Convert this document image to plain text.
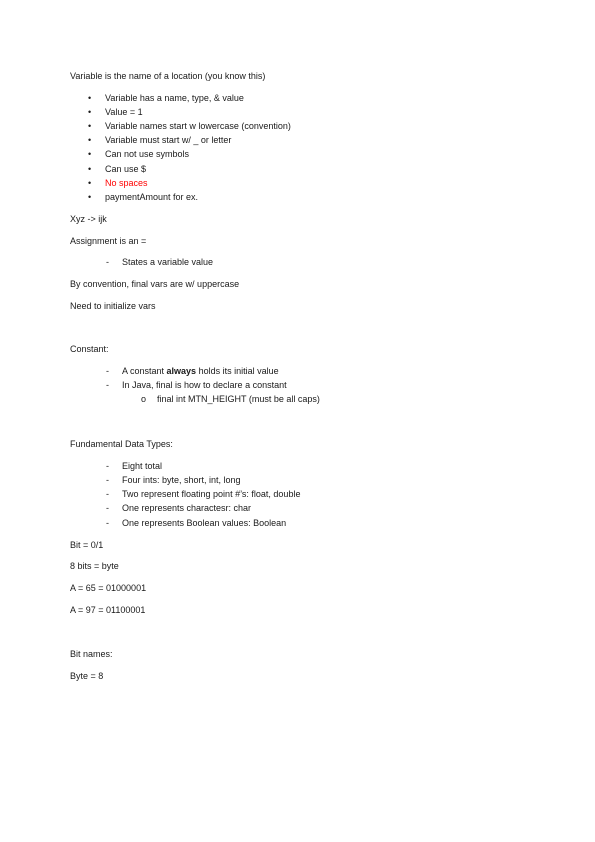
Variable is the name of a location (you know this)
• Variable has a name, type, & value
• Value = 1
• Variable names start w lowercase (convention)
• Variable must start w/ _ or letter
• Can not use symbols
• Can use $
• No spaces
• paymentAmount for ex.
Xyz -> ijk
Assignment is an =
- States a variable value
By convention, final vars are w/ uppercase
Need to initialize vars
Constant:
- A constant always holds its initial value
- In Java, final is how to declare a constant
o final int MTN_HEIGHT (must be all caps)
Fundamental Data Types:
- Eight total
- Four ints: byte, short, int, long
- Two represent floating point #’s: float, double
- One represents charactesr: char
- One represents Boolean values: Boolean
Bit = 0/1
8 bits = byte
A = 65 = 01000001
A = 97 = 01100001
Bit names:
Byte = 8
